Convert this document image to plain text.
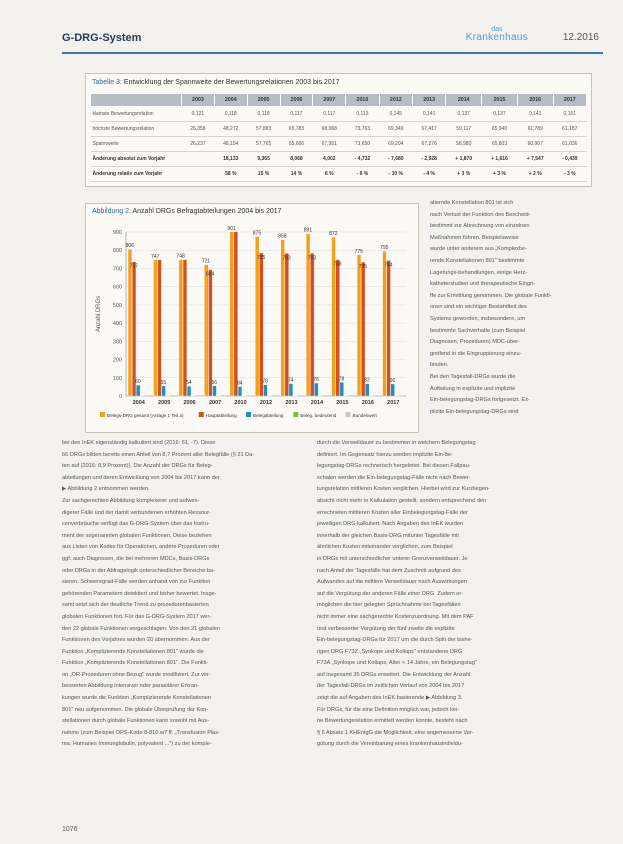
G-DRG-System
das
Krankenhaus	12.2016
Tabelle 3: Entwicklung der Spannweite der Bewertungsrelationen 2003 bis 2017
	2003	2004	2005	2006	2007	2010	2012	2013	2014	2015	2016	2017
kleinste Bewertungsrelation	0,121	0,118	0,118	0,117	0,117	0,113	0,145	0,141	0,137	0,137	0,141	0,151
höchste Bewertungsrelation	26,358	48,272	57,883	65,783	68,068	73,763	69,349	67,417	59,117	65,940	61,789	61,187
Spannweite	26,237	48,154	57,765	65,666	67,951	73,650	69,204	67,276	58,980	65,803	60,967	61,036
Änderung absolut zum Vorjahr		18,133	9,365	8,068	4,002	- 4,732	- 7,680	- 2,928	+ 1,870	+ 1,616	+ 7,547	- 0,439
Änderung relativ zum Vorjahr		58 %	15 %	14 %	6 %	- 6 %	- 10 %	- 4 %	+ 3 %	+ 3 %	+ 2 %	- 3 %
Abbildung 2: Anzahl DRGs Befragtabteilungen 2004 bis 2017
0
100
200
300
400
500
600
700
800
900
Anzahl DRGs
806
737
60
2004
747
55
2005
748
54
2006
721
694
56
2007
901
84
2010
875
785
78
2012
858
783
74
2013
891
783
76
2014
872
748
78
2015
775
735
82
2016
795
744
66
2017
Belegs-DRG gesamt (Anlage 1 Teil a)	Hauptabteilung	Belegabteilung	Beleg. bedeutend	Bundeswert

alternde Konstellation 801 ist sich

nach Verlust der Funktion des Bescheid-

bestimmt zur Abrechnung von einzelnen

Maßnahmen führen. Beispielsweise

wurde unter anderem aus „Komplexbe-

rende Konstellationen 801" bestimmte

Lagerungs-behandlungen, einige Herz-

katheterstudien und therapeutische Eingri-

ffe zur Ermittlung genommen. Die globale Funkti-

onen sind ein wichtiger Bestandteil des

Systems geworden, insbesondere, um

bestimmte Sachverhalte (zum Beispiel

Diagnosen, Prozeduren) MDC-über-

greifend in die Eingruppierung einzu-

binden.

Bei den Tagesfall-DRGs wurde die

Aufteilung in explizite und implizite

Ein-belegungstag-DRGs fortgesetzt. Ex-

plizite Ein-belegungstag-DRGs sind

bei den InEK eigenständig kalkuliert sind (2016: 61, -7). Diese

66 DRGs bilden bereits einen Anteil von 8,7 Prozent aller Belegfälle (§ 21 Da-

ten auf (2016: 8,9 Prozent)). Die Anzahl der DRGs für Beleg-

abteilungen und deren Entwicklung von 2004 bis 2017 kann der

▶ Abbildung 2 entnommen werden.

Zur sachgerechten Abbildung komplexerer und aufwen-

digerer Fälle und der damit verbundenen erhöhten Ressour-

cenverbräuche verfügt das G-DRG-System über das Instru-

ment der sogenannten globalen Funktionen. Diese beziehen

aus Listen von Kodes für Operationen, andere Prozeduren oder

ggf. auch Diagnosen, die bei mehreren MDCs, Basis-DRGs

oder DRGs in der Abfragelogik unterschiedlicher Bereiche ba-

sieren. Schweregrad-Fälle werden anhand von zur Funktion

gehörenden Parametern detektiert und bisher bewertet. Insge-

samt setzt sich der deutliche Trend zu prozedurenbasierten

globalen Funktionen fort. Für das G-DRG-System 2017 wer-

den 22 globale Funktionen vorgeschlagen. Von den 21 globalen

Funktionen des Vorjahres wurden 20 übernommen. Aus der

Funktion „Komplizierende Konstellationen 801" wurde die

Funktion „Komplizierende Konstellationen 801". Die Funkti-

on „OR-Prozeduren ohne Bezug" wurde modifiziert. Zur ver-

besserten Abbildung intensiver oder parasitärer Erkran-

kungen wurde die Funktion „Komplizierende Konstellationen

801" neu aufgenommen. Die globale Überprüfung der Kon-

stellationen durch globale Funktionen kann sowohl mit Aus-

nahme (zum Beispiel OPS-Kode 8-810.w7 ff. „Transfusion Plas-

ma: Humanes Immunglobulin, polyvalent ...") zu der komple-

durch die Verweildauer zu bestimmen in welchem Belegungstag

definiert. Im Gegensatz hierzu werden implizite Ein-be-

legungstag-DRGs rechnerisch hergeleitet. Bei diesen Fallpau-

schalen werden die Ein-belegungstag-Fälle nicht nach Bewer-

tungsrelation mittleren Kosten verglichen. Hierbei wird zur Kurzliegen-

absicht nicht mehr in Kalkulation gestellt, sondern entsprechend den

errechneten mittleren Kosten aller Einbelegungstag-Fälle der

jeweiligen DRG kalkuliert. Nach Angaben des InEK wurden

innerhalb der gleichen Basis-DRG mitunter Tagesfälle mit

ähnlichen Kosten miteinander verglichen, zum Beispiel

in DRGs mit unterschiedlicher unterer Grenzverweildauer. Je

nach Anteil der Tagesfälle hat dem Zuschnitt aufgrund des

Aufwandes auf die mittlere Verweildauer nach Auswirkungen

auf die Vergütung der anderen Fälle einer DRG. Zudem er-

möglichen die hier gelegten Sprüchnahme bei Tagesfällen

nicht immer eine sachgerechte Kostenzuordnung. Mit dem PAF

und verbesserter Vergütung der fünf zweite die explizite

Ein-belegungstag-DRGs für 2017 um die durch Split der bishe-

rigen DRG F73Z „Synkope und Kollaps" entstandene DRG

F73A „Synkope und Kollaps, Alter < 14 Jahre, ein Belegungstag"

auf insgesamt 35 DRGs erweitert. Die Entwicklung der Anzahl

der Tagesfall-DRGs im zeitlichen Verlauf von 2004 bis 2017

zeigt die auf Angaben des InEK basierende ▶ Abbildung 3.

Für DRGs, für die eine Definition möglich war, jedoch kei-

ne Bewertungsrelation ermittelt werden konnte, besteht nach

§ 6 Absatz 1 KHEntgG die Möglichkeit, eine angemessene Ver-

gütung durch die Vereinbarung eines krankenhausindividu-

1076
